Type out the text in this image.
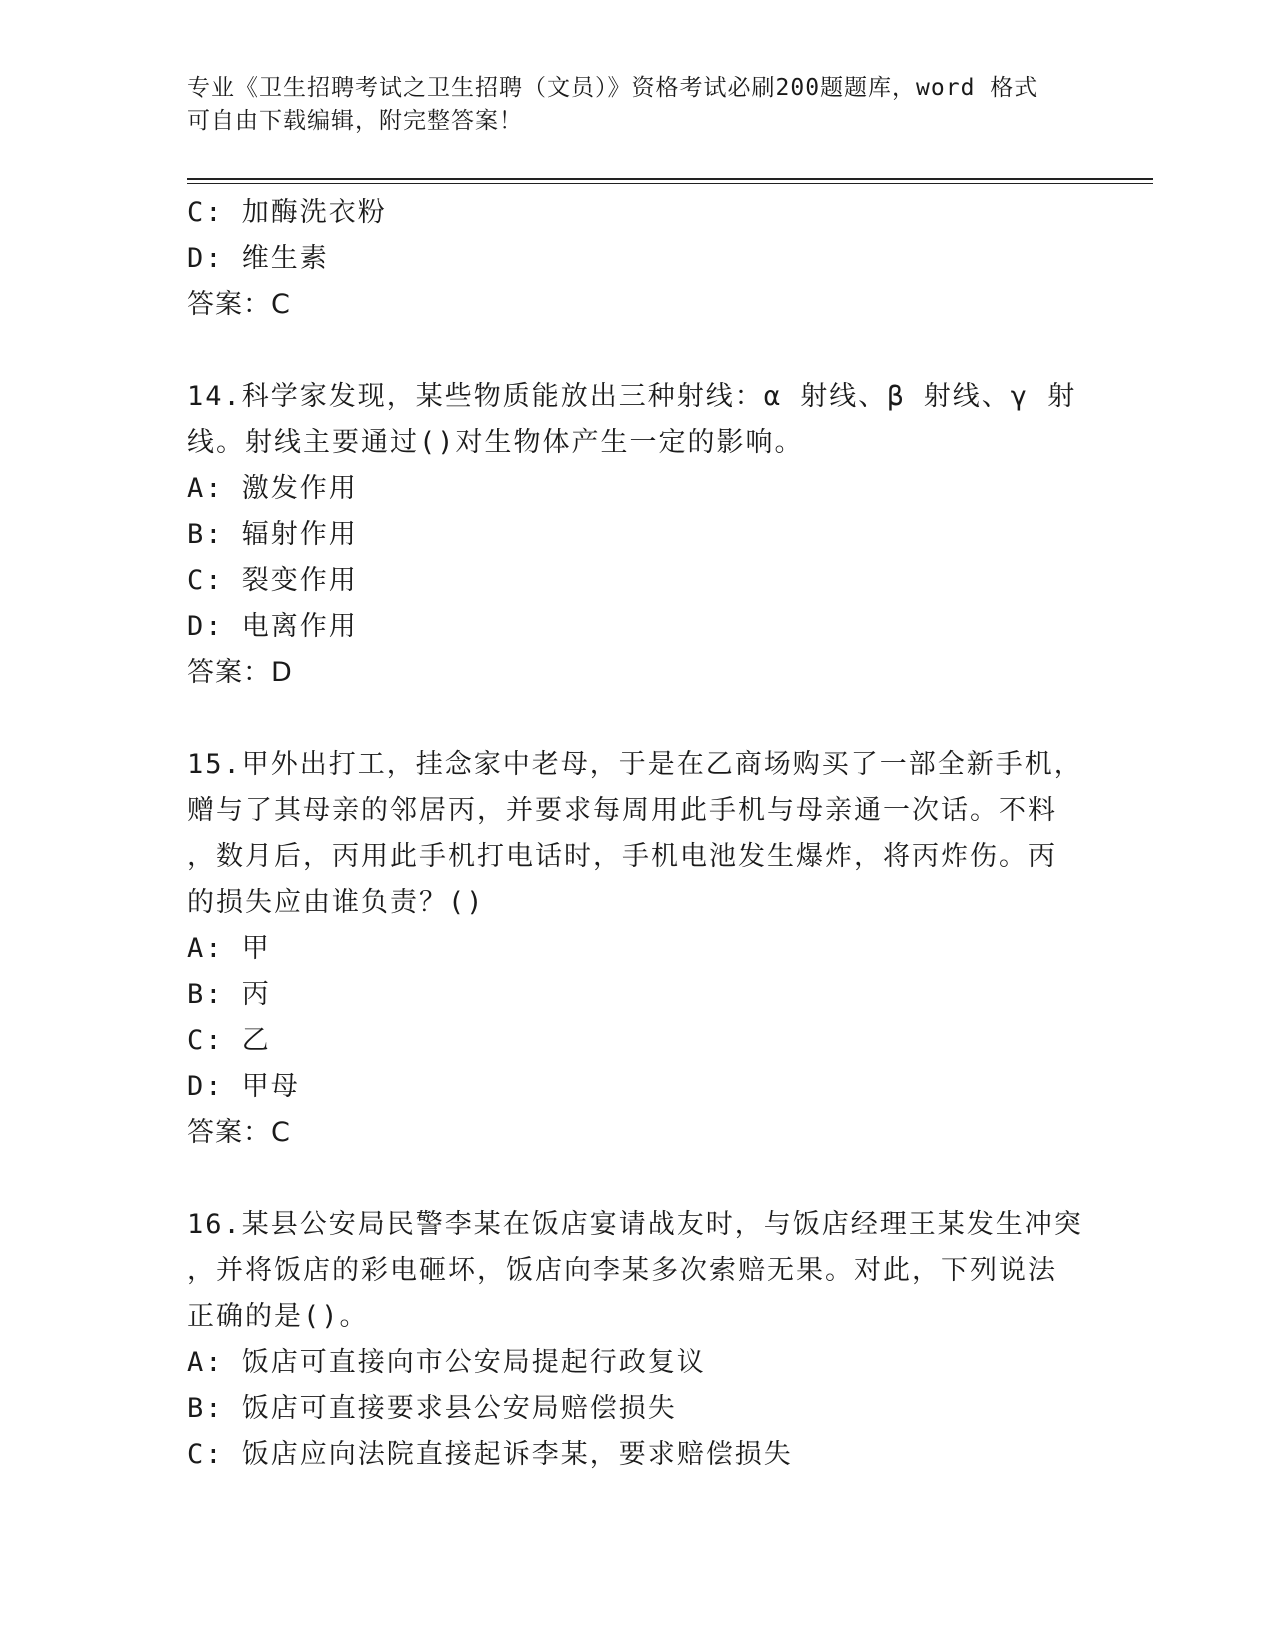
专业《卫生招聘考试之卫生招聘（文员）》资格考试必刷200题题库，word 格式
可自由下载编辑，附完整答案！
C: 加酶洗衣粉
D: 维生素
答案：C
14.科学家发现，某些物质能放出三种射线：α 射线、β 射线、γ 射
线。射线主要通过()对生物体产生一定的影响。
A: 激发作用
B: 辐射作用
C: 裂变作用
D: 电离作用
答案：D
15.甲外出打工，挂念家中老母，于是在乙商场购买了一部全新手机，
赠与了其母亲的邻居丙，并要求每周用此手机与母亲通一次话。不料
，数月后，丙用此手机打电话时，手机电池发生爆炸，将丙炸伤。丙
的损失应由谁负责？()
A: 甲
B: 丙
C: 乙
D: 甲母
答案：C
16.某县公安局民警李某在饭店宴请战友时，与饭店经理王某发生冲突
，并将饭店的彩电砸坏，饭店向李某多次索赔无果。对此，下列说法
正确的是()。
A: 饭店可直接向市公安局提起行政复议
B: 饭店可直接要求县公安局赔偿损失
C: 饭店应向法院直接起诉李某，要求赔偿损失
